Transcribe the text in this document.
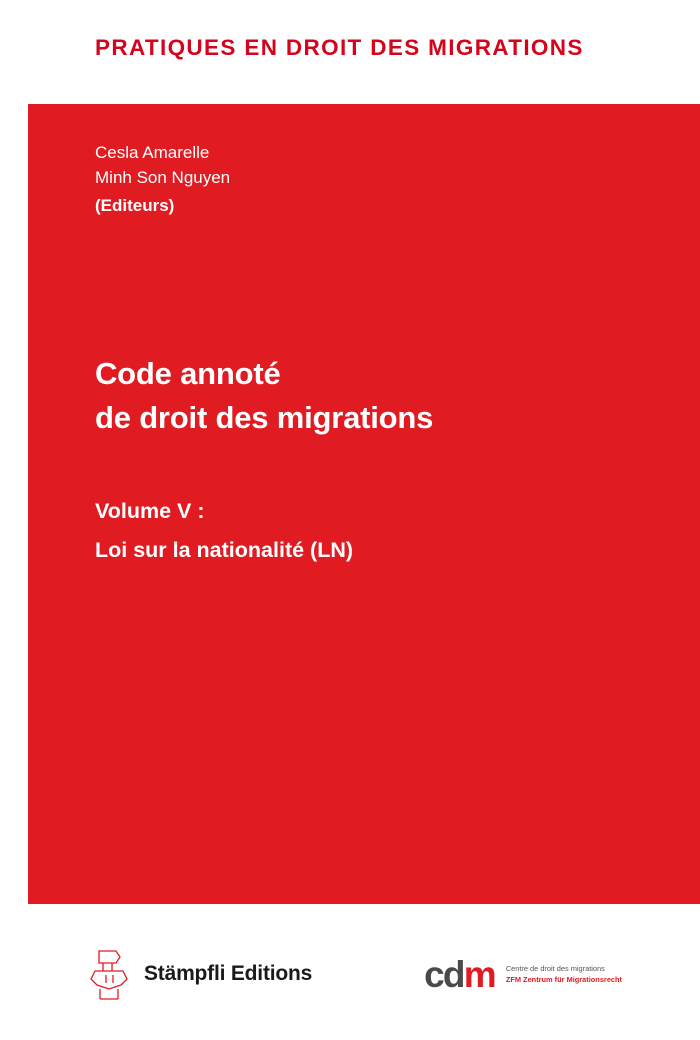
PRATIQUES EN DROIT DES MIGRATIONS
Cesla Amarelle
Minh Son Nguyen
(Editeurs)
Code annoté
de droit des migrations
Volume V :
Loi sur la nationalité (LN)
Stämpfli Editions	cdm Centre de droit des migrations
ZFM Zentrum für Migrationsrecht
